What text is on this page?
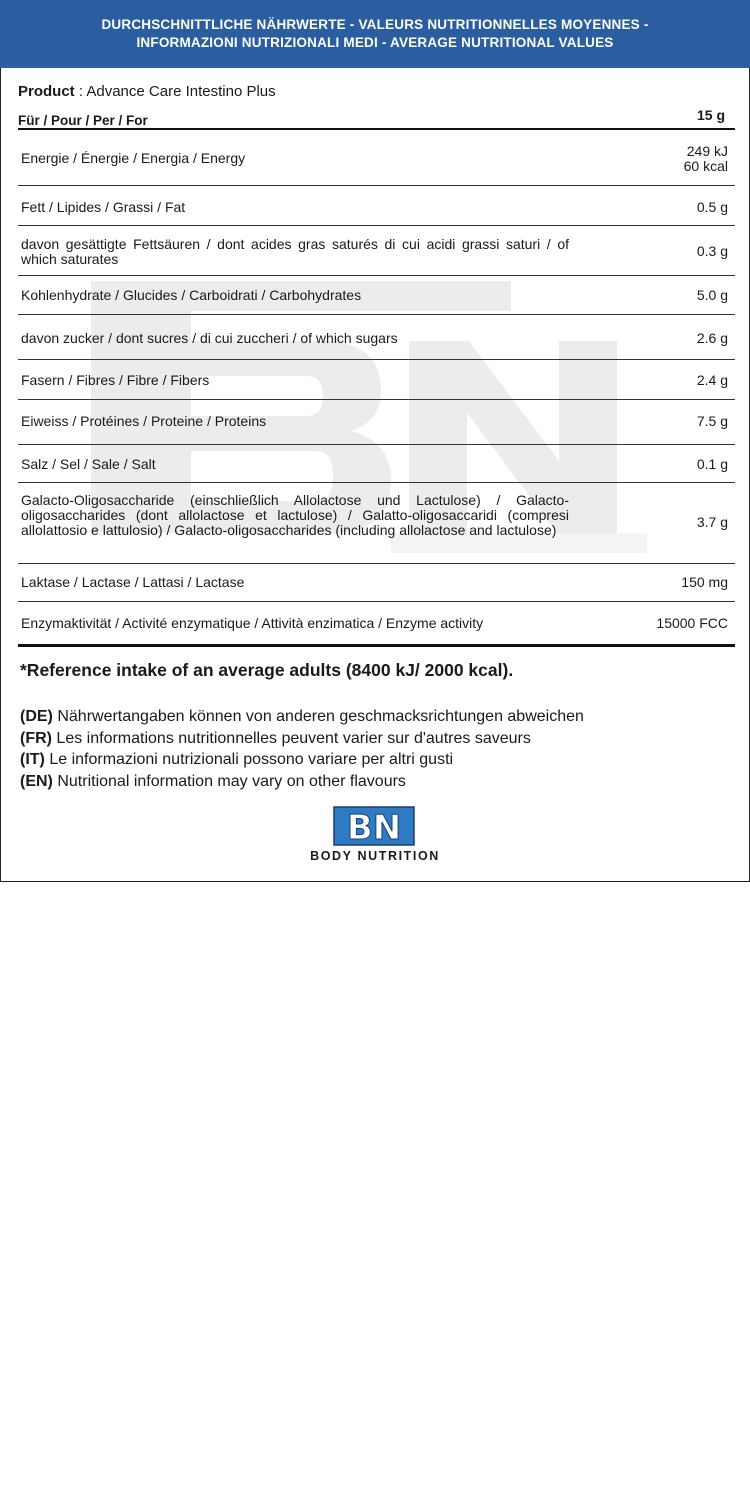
DURCHSCHNITTLICHE NÄHRWERTE - VALEURS NUTRITIONNELLES MOYENNES -
INFORMAZIONI NUTRIZIONALI MEDI - AVERAGE NUTRITIONAL VALUES
Product : Advance Care Intestino Plus
Für / Pour / Per / For	15 g
Energie / Énergie / Energia / Energy	249 kJ
60 kcal
Fett / Lipides / Grassi / Fat	0.5 g
davon gesättigte Fettsäuren / dont acides gras saturés di cui acidi grassi saturi / of which saturates	0.3 g
Kohlenhydrate / Glucides / Carboidrati / Carbohydrates	5.0 g
davon zucker / dont sucres / di cui zuccheri / of which sugars	2.6 g
Fasern / Fibres / Fibre / Fibers	2.4 g
Eiweiss / Protéines / Proteine / Proteins	7.5 g
Salz / Sel / Sale / Salt	0.1 g
Galacto-Oligosaccharide (einschließlich Allolactose und Lactulose) / Galacto-oligosaccharides (dont allolactose et lactulose) / Galatto-oligosaccaridi (compresi allolattosio e lattulosio) / Galacto-oligosaccharides (including allolactose and lactulose)	3.7 g
Laktase / Lactase / Lattasi / Lactase	150 mg
Enzymaktivität / Activité enzymatique / Attività enzimatica / Enzyme activity	15000 FCC
*Reference intake of an average adults (8400 kJ/ 2000 kcal).
(DE) Nährwertangaben können von anderen geschmacksrichtungen abweichen
(FR) Les informations nutritionnelles peuvent varier sur d'autres saveurs
(IT) Le informazioni nutrizionali possono variare per altri gusti
(EN) Nutritional information may vary on other flavours
BN
BODY NUTRITION
